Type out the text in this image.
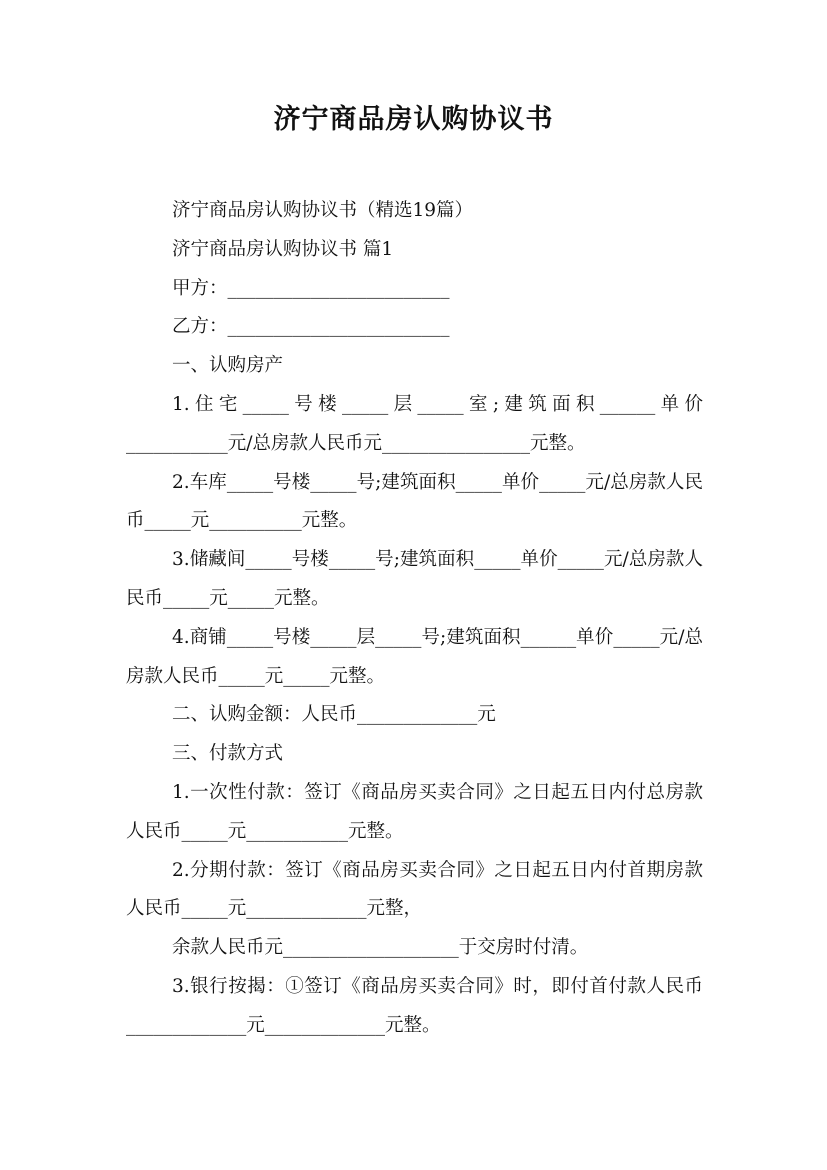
济宁商品房认购协议书

济宁商品房认购协议书（精选19篇）

济宁商品房认购协议书 篇1

甲方：________________________

乙方：________________________

一、认购房产

1.住宅_____号楼_____层_____室;建筑面积______单价___________元/总房款人民币元________________元整。

2.车库_____号楼_____号;建筑面积_____单价_____元/总房款人民币_____元__________元整。

3.储藏间_____号楼_____号;建筑面积_____单价_____元/总房款人民币_____元_____元整。

4.商铺_____号楼_____层_____号;建筑面积______单价_____元/总房款人民币_____元_____元整。

二、认购金额：人民币_____________元

三、付款方式

1.一次性付款：签订《商品房买卖合同》之日起五日内付总房款人民币_____元___________元整。

2.分期付款：签订《商品房买卖合同》之日起五日内付首期房款人民币_____元_____________元整，

余款人民币元___________________于交房时付清。

3.银行按揭：①签订《商品房买卖合同》时，即付首付款人民币_____________元_____________元整。
